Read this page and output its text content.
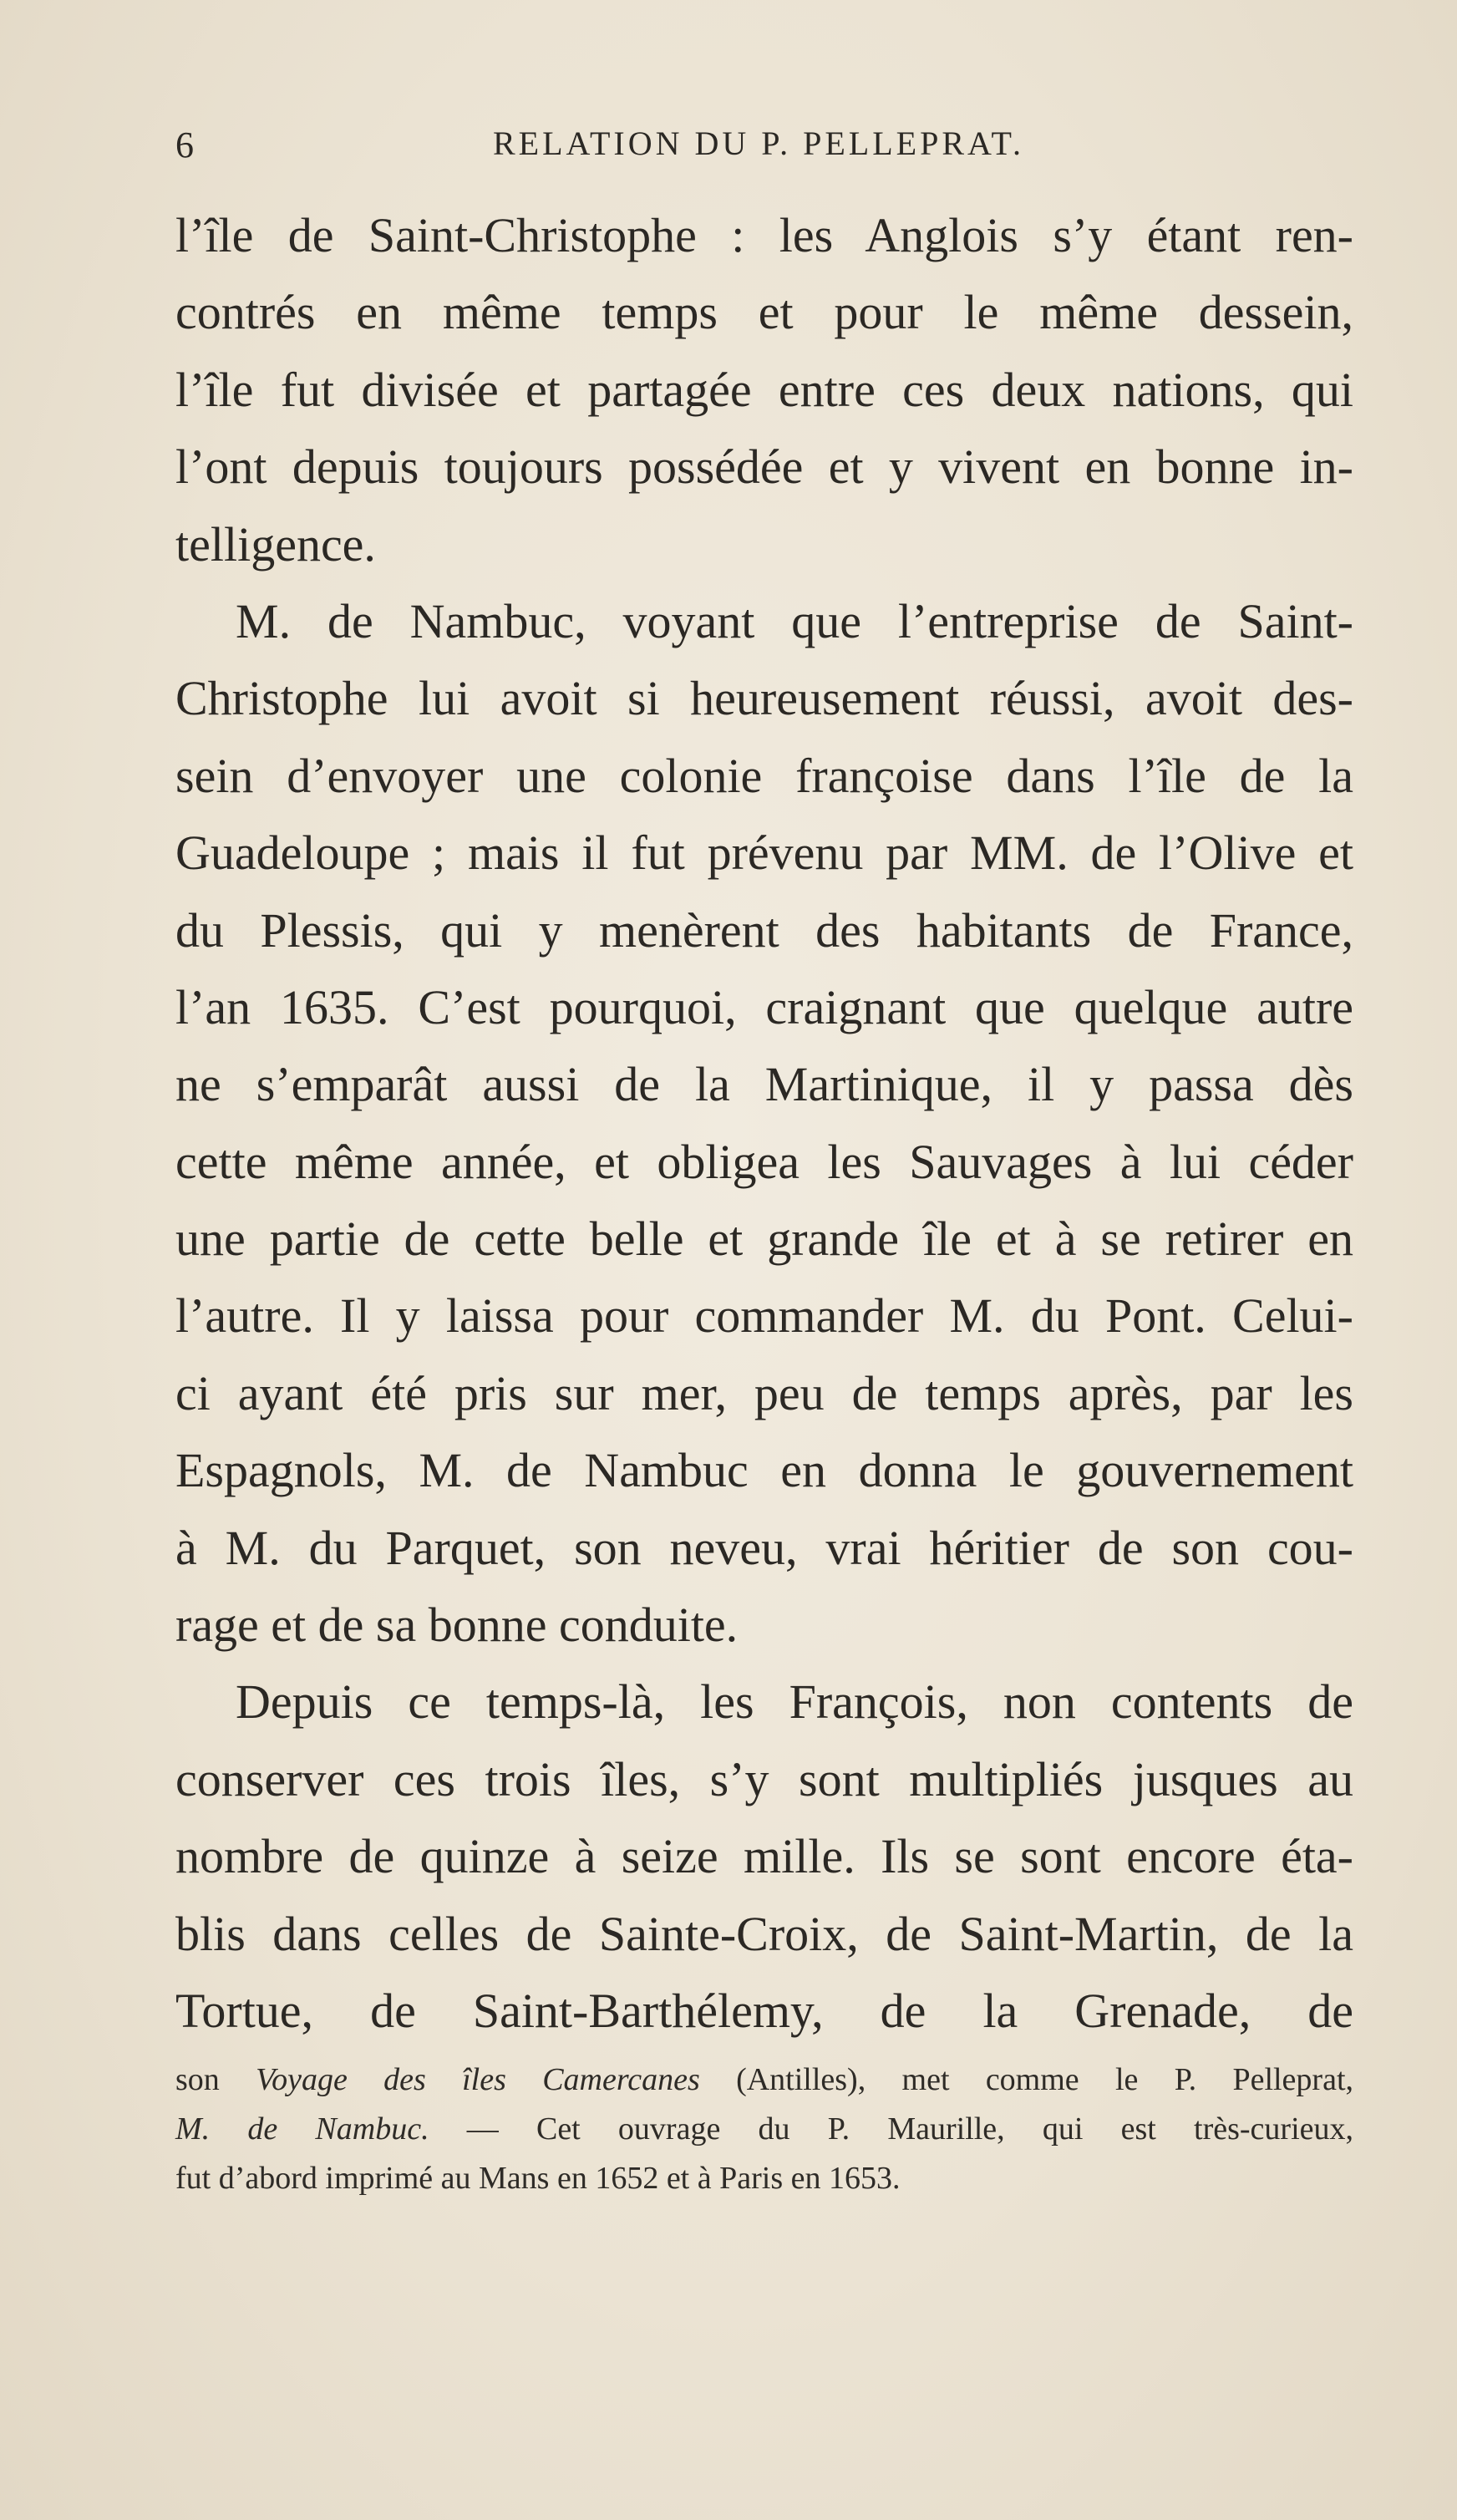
6	RELATION DU P. PELLEPRAT.
l’île de Saint-Christophe : les Anglois s’y étant ren-
contrés en même temps et pour le même dessein,
l’île fut divisée et partagée entre ces deux nations, qui
l’ont depuis toujours possédée et y vivent en bonne in-
telligence.
M. de Nambuc, voyant que l’entreprise de Saint-
Christophe lui avoit si heureusement réussi, avoit des-
sein d’envoyer une colonie françoise dans l’île de la
Guadeloupe ; mais il fut prévenu par MM. de l’Olive et
du Plessis, qui y menèrent des habitants de France,
l’an 1635. C’est pourquoi, craignant que quelque autre
ne s’emparât aussi de la Martinique, il y passa dès
cette même année, et obligea les Sauvages à lui céder
une partie de cette belle et grande île et à se retirer en
l’autre. Il y laissa pour commander M. du Pont. Celui-
ci ayant été pris sur mer, peu de temps après, par les
Espagnols, M. de Nambuc en donna le gouvernement
à M. du Parquet, son neveu, vrai héritier de son cou-
rage et de sa bonne conduite.
Depuis ce temps-là, les François, non contents de
conserver ces trois îles, s’y sont multipliés jusques au
nombre de quinze à seize mille. Ils se sont encore éta-
blis dans celles de Sainte-Croix, de Saint-Martin, de la
Tortue, de Saint-Barthélemy, de la Grenade, de
son Voyage des îles Camercanes (Antilles), met comme le P. Pelleprat,
M. de Nambuc. — Cet ouvrage du P. Maurille, qui est très-curieux,
fut d’abord imprimé au Mans en 1652 et à Paris en 1653.
